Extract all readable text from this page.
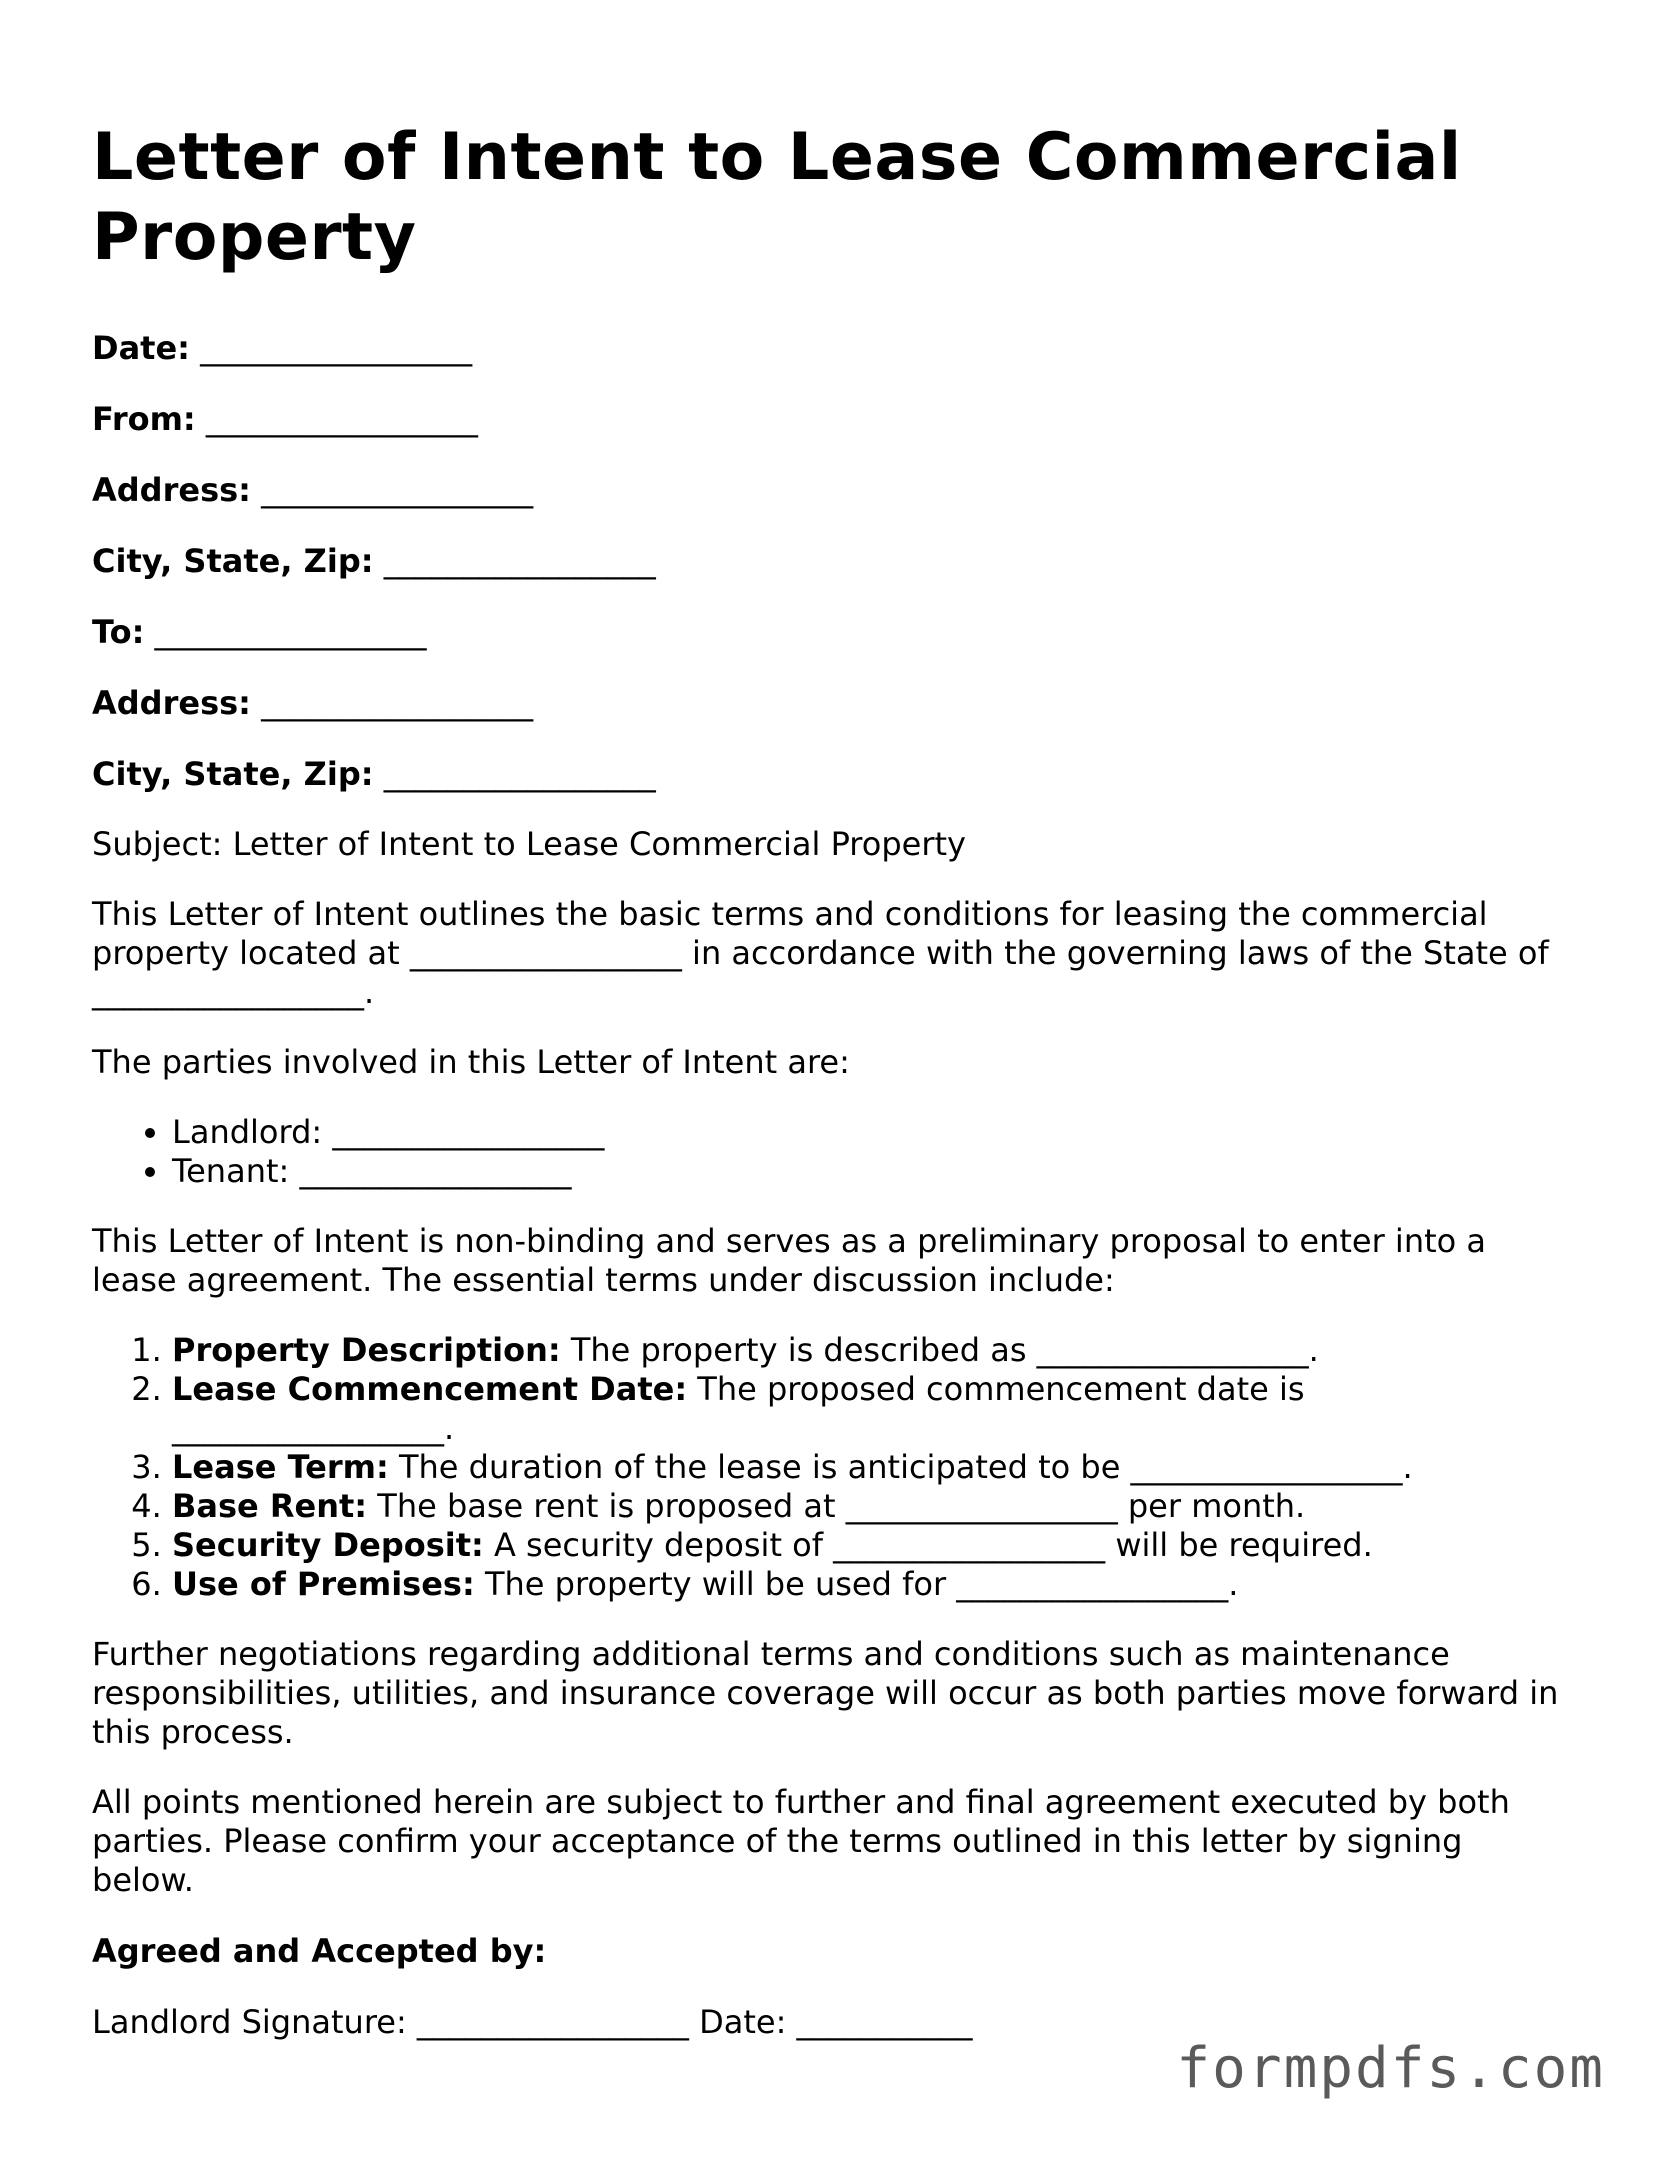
Letter of Intent to Lease Commercial Property
Date: _________________
From: _________________
Address: _________________
City, State, Zip: _________________
To: _________________
Address: _________________
City, State, Zip: _________________

Subject: Letter of Intent to Lease Commercial Property

This Letter of Intent outlines the basic terms and conditions for leasing the commercial property located at _________________ in accordance with the governing laws of the State of _________________.

The parties involved in this Letter of Intent are:

• Landlord: _________________
• Tenant: _________________

This Letter of Intent is non-binding and serves as a preliminary proposal to enter into a lease agreement. The essential terms under discussion include:

1. Property Description: The property is described as _________________.
2. Lease Commencement Date: The proposed commencement date is _________________.
3. Lease Term: The duration of the lease is anticipated to be _________________.
4. Base Rent: The base rent is proposed at _________________ per month.
5. Security Deposit: A security deposit of _________________ will be required.
6. Use of Premises: The property will be used for _________________.

Further negotiations regarding additional terms and conditions such as maintenance responsibilities, utilities, and insurance coverage will occur as both parties move forward in this process.

All points mentioned herein are subject to further and final agreement executed by both parties. Please confirm your acceptance of the terms outlined in this letter by signing below.

Agreed and Accepted by:
Landlord Signature: _________________ Date: ___________
formpdfs.com
